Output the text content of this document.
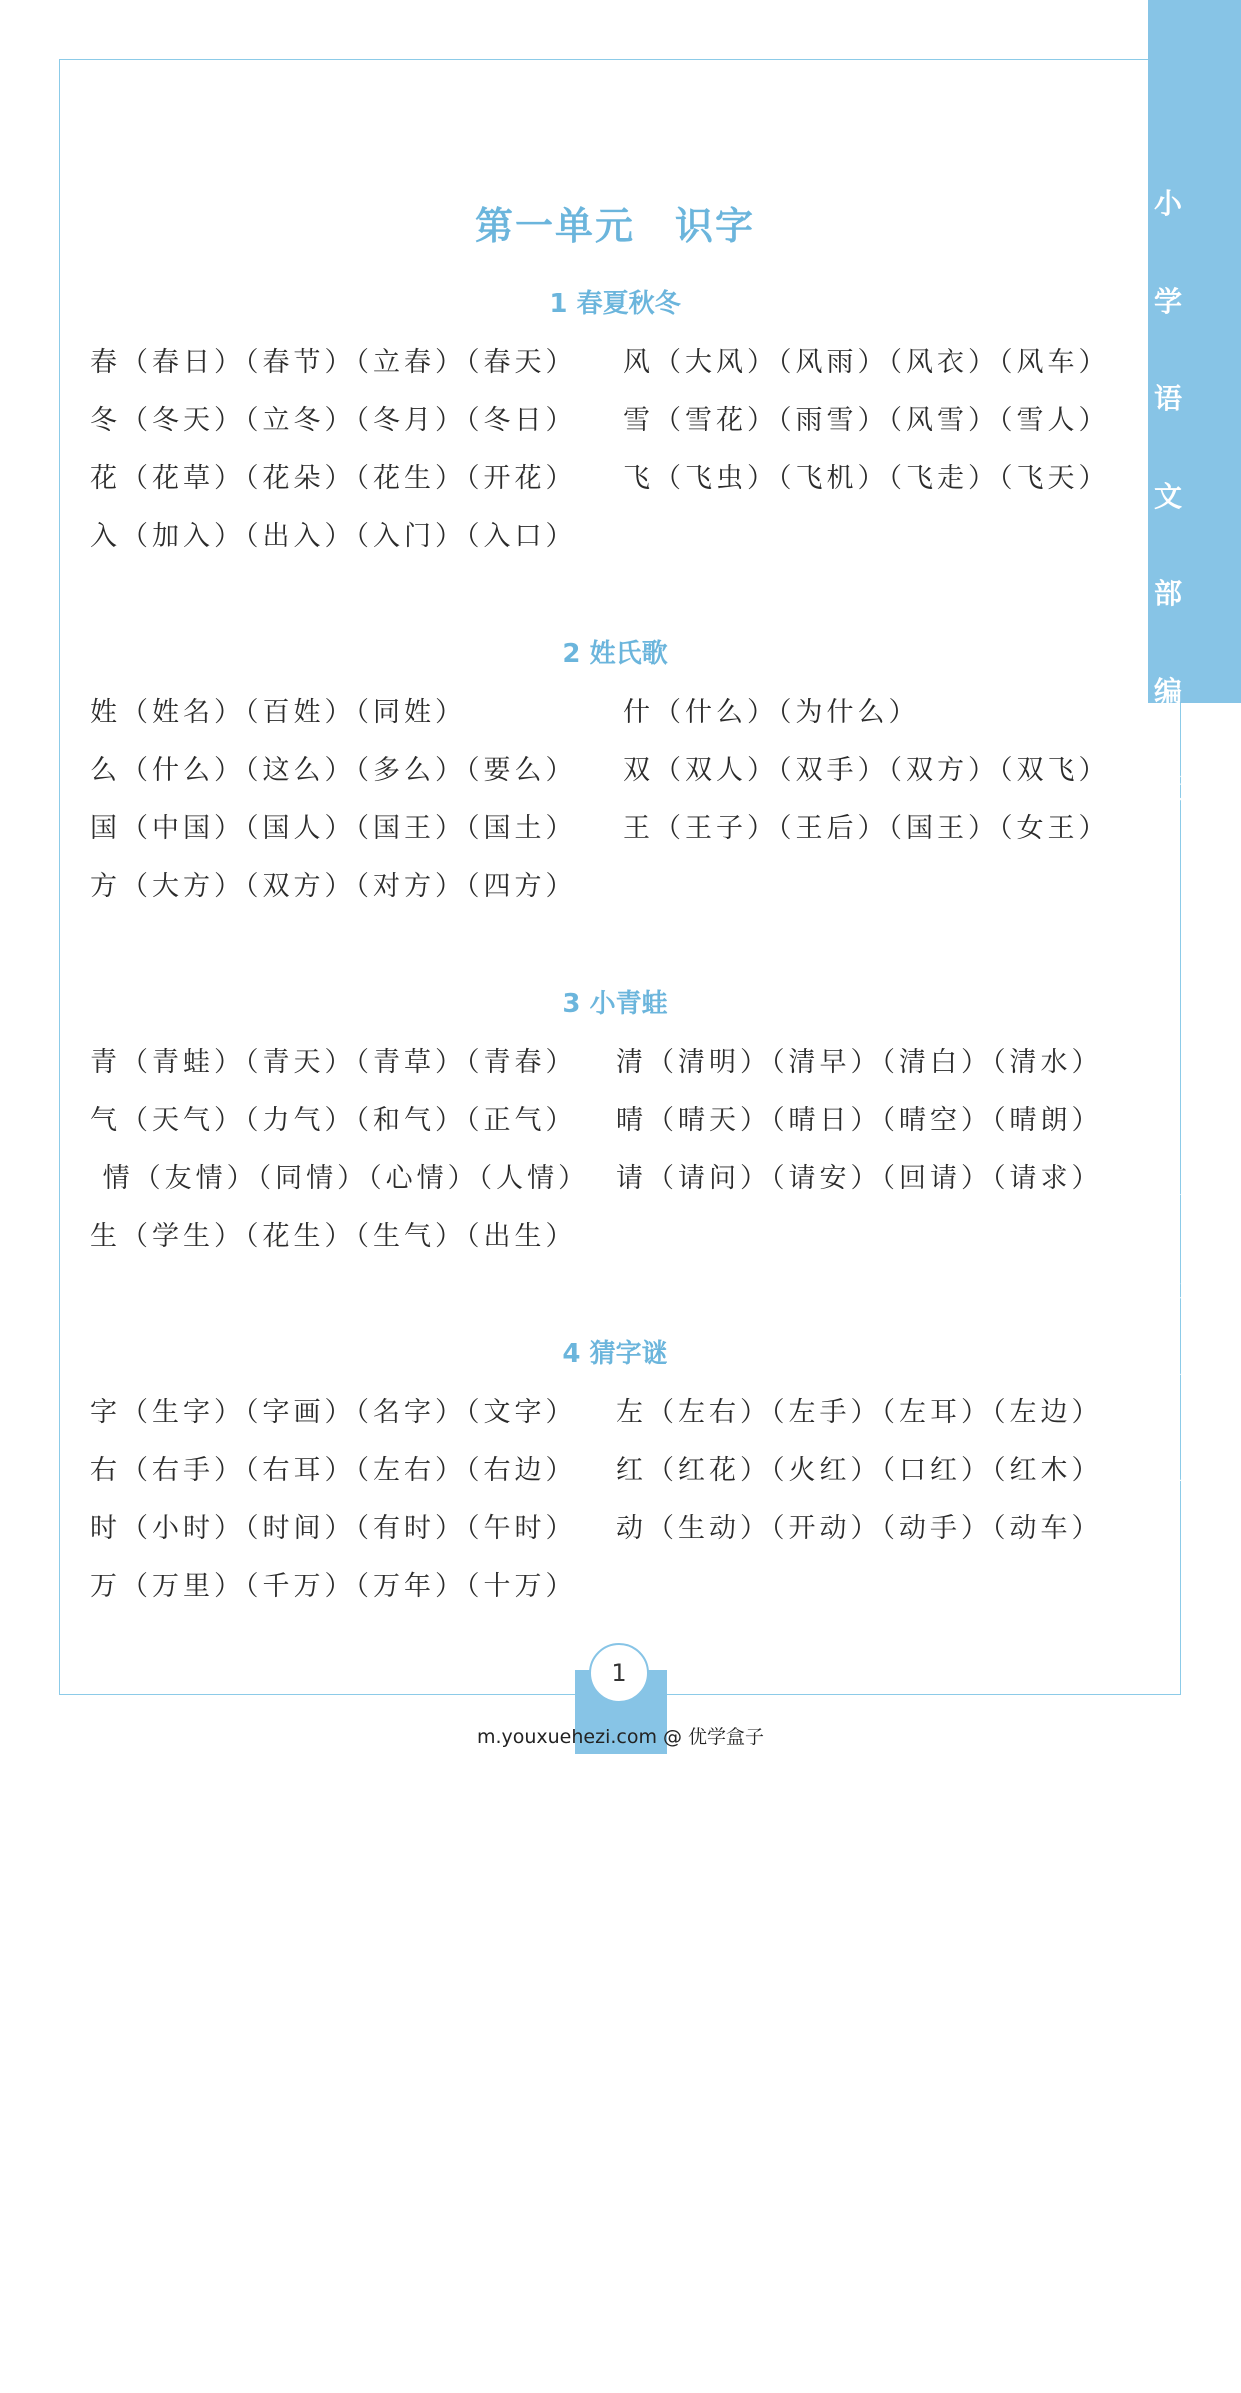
小

学

语

文

部

编

版

年

级

下

册

全

册

生

字

组

词

第一单元　识字
1 春夏秋冬
春（春日）（春节）（立春）（春天）
冬（冬天）（立冬）（冬月）（冬日）
花（花草）（花朵）（花生）（开花）
入（加入）（出入）（入门）（入口）
风（大风）（风雨）（风衣）（风车）
雪（雪花）（雨雪）（风雪）（雪人）
飞（飞虫）（飞机）（飞走）（飞天）
2 姓氏歌
姓（姓名）（百姓）（同姓）
么（什么）（这么）（多么）（要么）
国（中国）（国人）（国王）（国土）
方（大方）（双方）（对方）（四方）
什（什么）（为什么）
双（双人）（双手）（双方）（双飞）
王（王子）（王后）（国王）（女王）
3 小青蛙
青（青蛙）（青天）（青草）（青春）
气（天气）（力气）（和气）（正气）
情（友情）（同情）（心情）（人情）
生（学生）（花生）（生气）（出生）
清（清明）（清早）（清白）（清水）
晴（晴天）（晴日）（晴空）（晴朗）
请（请问）（请安）（回请）（请求）
4 猜字谜
字（生字）（字画）（名字）（文字）
右（右手）（右耳）（左右）（右边）
时（小时）（时间）（有时）（午时）
万（万里）（千万）（万年）（十万）
左（左右）（左手）（左耳）（左边）
红（红花）（火红）（口红）（红木）
动（生动）（开动）（动手）（动车）
1
m.youxuehezi.com @ 优学盒子
